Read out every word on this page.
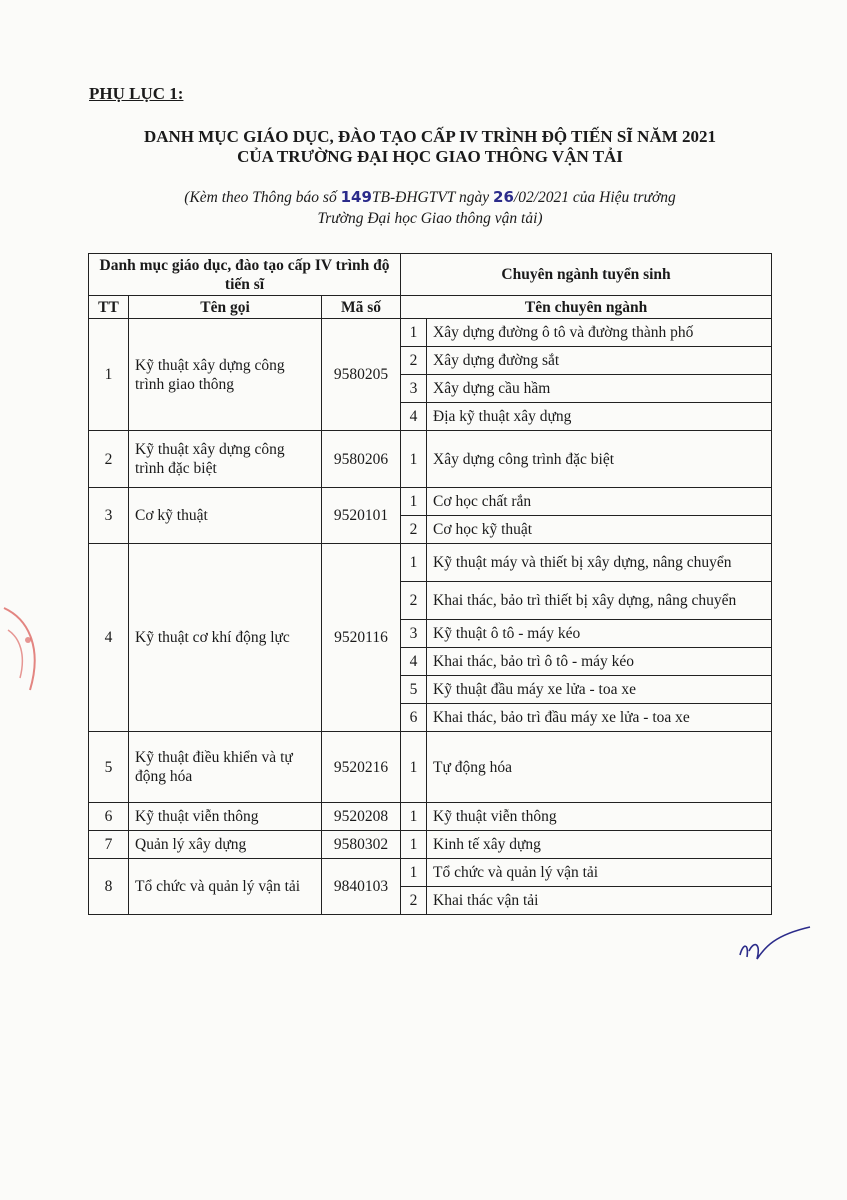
PHỤ LỤC 1:
DANH MỤC GIÁO DỤC, ĐÀO TẠO CẤP IV TRÌNH ĐỘ TIẾN SĨ NĂM 2021
CỦA TRƯỜNG ĐẠI HỌC GIAO THÔNG VẬN TẢI
(Kèm theo Thông báo số 149TB-ĐHGTVT ngày 26/02/2021 của Hiệu trưởng
Trường Đại học Giao thông vận tải)
Danh mục giáo dục, đào tạo cấp IV trình độ tiến sĩ			Chuyên ngành tuyển sinh	
TT	Tên gọi	Mã số	Tên chuyên ngành	
1	Kỹ thuật xây dựng công trình giao thông	9580205	1	Xây dựng đường ô tô và đường thành phố
			2	Xây dựng đường sắt
			3	Xây dựng cầu hầm
			4	Địa kỹ thuật xây dựng
2	Kỹ thuật xây dựng công trình đặc biệt	9580206	1	Xây dựng công trình đặc biệt
3	Cơ kỹ thuật	9520101	1	Cơ học chất rắn
			2	Cơ học kỹ thuật
4	Kỹ thuật cơ khí động lực	9520116	1	Kỹ thuật máy và thiết bị xây dựng, nâng chuyển
			2	Khai thác, bảo trì thiết bị xây dựng, nâng chuyển
			3	Kỹ thuật ô tô - máy kéo
			4	Khai thác, bảo trì ô tô - máy kéo
			5	Kỹ thuật đầu máy xe lửa - toa xe
			6	Khai thác, bảo trì đầu máy xe lửa - toa xe
5	Kỹ thuật điều khiển và tự động hóa	9520216	1	Tự động hóa
6	Kỹ thuật viễn thông	9520208	1	Kỹ thuật viễn thông
7	Quản lý xây dựng	9580302	1	Kinh tế xây dựng
8	Tổ chức và quản lý vận tải	9840103	1	Tổ chức và quản lý vận tải
			2	Khai thác vận tải
